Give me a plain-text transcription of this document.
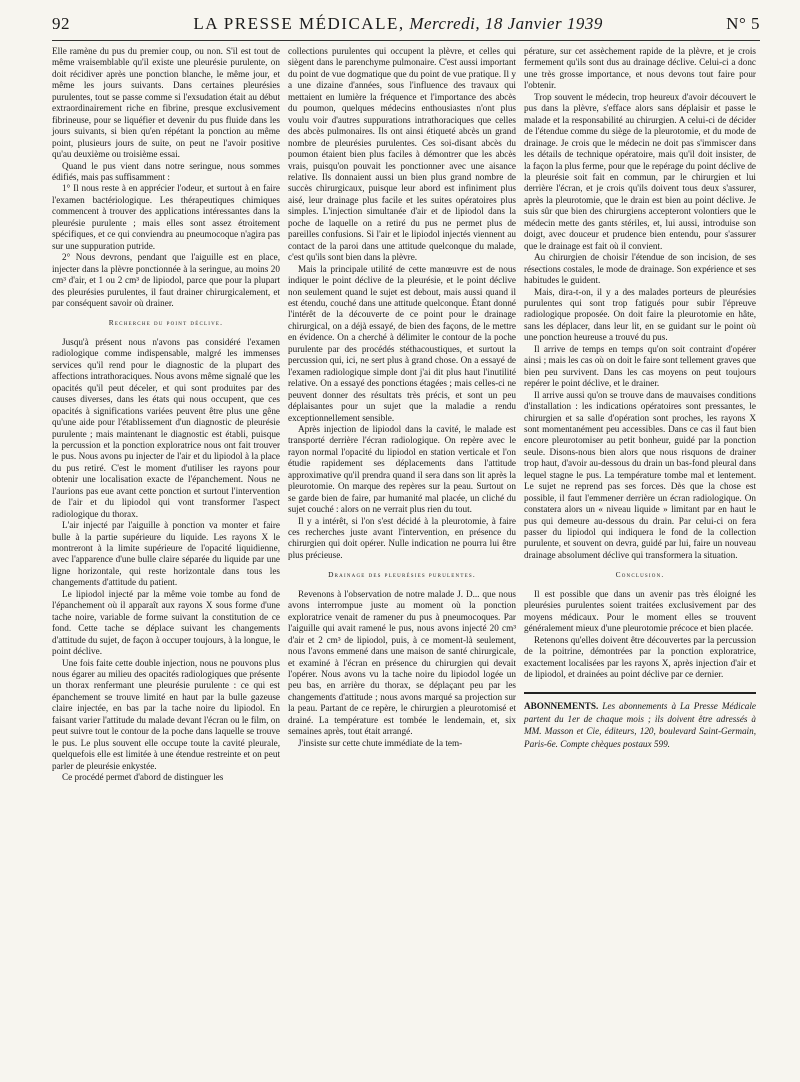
92	LA PRESSE MÉDICALE, Mercredi, 18 Janvier 1939	N° 5

Elle ramène du pus du premier coup, ou non. S'il est tout de même vraisemblable qu'il existe une pleurésie purulente, on doit récidiver après une ponction blanche, le même jour, et même les jours suivants. Dans certaines pleurésies purulentes, tout se passe comme si l'exsudation était au début extraordinairement riche en fibrine, presque exclusivement fibrineuse, pour se liquéfier et devenir du pus fluide dans les jours suivants, si bien qu'en répétant la ponction au même point, plusieurs jours de suite, on peut ne l'avoir positive qu'au deuxième ou troisième essai.

Quand le pus vient dans notre seringue, nous sommes édifiés, mais pas suffisamment :

1° Il nous reste à en apprécier l'odeur, et surtout à en faire l'examen bactériologique. Les thérapeutiques chimiques commencent à trouver des applications intéressantes dans la pleurésie purulente ; mais elles sont assez étroitement spécifiques, et ce qui conviendra au pneumocoque n'agira pas sur une suppuration putride.

2° Nous devrons, pendant que l'aiguille est en place, injecter dans la plèvre ponctionnée à la seringue, au moins 20 cm³ d'air, et 1 ou 2 cm³ de lipiodol, parce que pour la plupart des pleurésies purulentes, il faut drainer chirurgicalement, et par conséquent savoir où drainer.

Recherche du point déclive.

Jusqu'à présent nous n'avons pas considéré l'examen radiologique comme indispensable, malgré les immenses services qu'il rend pour le diagnostic de la plupart des affections intrathoraciques. Nous avons même signalé que les opacités qu'il peut déceler, et qui sont produites par des causes diverses, dans les états qui nous occupent, que ces opacités à significations variées peuvent être plus une gêne qu'une aide pour l'établissement d'un diagnostic de pleurésie purulente ; mais maintenant le diagnostic est établi, puisque la percussion et la ponction exploratrice nous ont fait trouver le pus. Nous avons pu injecter de l'air et du lipiodol à la place du pus retiré. C'est le moment d'utiliser les rayons pour obtenir une localisation exacte de l'épanchement. Nous ne l'aurions pas eue avant cette ponction et surtout l'intervention de l'air et du lipiodol qui vont transformer l'aspect radiologique du thorax.

L'air injecté par l'aiguille à ponction va monter et faire bulle à la partie supérieure du liquide. Les rayons X le montreront à la limite supérieure de l'opacité liquidienne, avec l'apparence d'une bulle claire séparée du liquide par une ligne horizontale, qui reste horizontale dans tous les changements d'attitude du patient.

Le lipiodol injecté par la même voie tombe au fond de l'épanchement où il apparaît aux rayons X sous forme d'une tache noire, variable de forme suivant la constitution de ce fond. Cette tache se déplace suivant les changements d'attitude du sujet, de façon à occuper toujours, à la longue, le point déclive.

Une fois faite cette double injection, nous ne pouvons plus nous égarer au milieu des opacités radiologiques que présente un thorax renfermant une pleurésie purulente : ce qui est épanchement se trouve limité en haut par la bulle gazeuse claire injectée, en bas par la tache noire du lipiodol. En faisant varier l'attitude du malade devant l'écran ou le film, on peut suivre tout le contour de la poche dans laquelle se trouve le pus. Le plus souvent elle occupe toute la cavité pleurale, quelquefois elle est limitée à une étendue restreinte et on peut parler de pleurésie enkystée.

Ce procédé permet d'abord de distinguer les

collections purulentes qui occupent la plèvre, et celles qui siègent dans le parenchyme pulmonaire. C'est aussi important du point de vue dogmatique que du point de vue pratique. Il y a une dizaine d'années, sous l'influence des travaux qui mettaient en lumière la fréquence et l'importance des abcès du poumon, quelques médecins enthousiastes n'ont plus voulu voir d'autres suppurations intrathoraciques que celles des abcès pulmonaires. Ils ont ainsi étiqueté abcès un grand nombre de pleurésies purulentes. Ces soi-disant abcès du poumon étaient bien plus faciles à démontrer que les abcès vrais, puisqu'on pouvait les ponctionner avec une aisance relative. Ils donnaient aussi un bien plus grand nombre de succès chirurgicaux, puisque leur abord est infiniment plus aisé, leur drainage plus facile et les suites opératoires plus simples. L'injection simultanée d'air et de lipiodol dans la poche de laquelle on a retiré du pus ne permet plus de pareilles confusions. Si l'air et le lipiodol injectés viennent au contact de la paroi dans une attitude quelconque du malade, c'est qu'ils sont bien dans la plèvre.

Mais la principale utilité de cette manœuvre est de nous indiquer le point déclive de la pleurésie, et le point déclive non seulement quand le sujet est debout, mais aussi quand il est étendu, couché dans une attitude quelconque. Étant donné l'intérêt de la découverte de ce point pour le drainage chirurgical, on a déjà essayé, de bien des façons, de le mettre en évidence. On a cherché à délimiter le contour de la poche purulente par des procédés stéthacoustiques, et surtout la percussion qui, ici, ne sert plus à grand chose. On a essayé de l'examen radiologique simple dont j'ai dit plus haut l'inutilité relative. On a essayé des ponctions étagées ; mais celles-ci ne peuvent donner des résultats très précis, et sont un peu déplaisantes pour un sujet que la maladie a rendu exceptionnellement sensible.

Après injection de lipiodol dans la cavité, le malade est transporté derrière l'écran radiologique. On repère avec le rayon normal l'opacité du lipiodol en station verticale et l'on étudie rapidement ses déplacements dans l'attitude approximative qu'il prendra quand il sera dans son lit après la pleurotomie. On marque des repères sur la peau. Surtout on se garde bien de faire, par humanité mal placée, un cliché du sujet couché : alors on ne verrait plus rien du tout.

Il y a intérêt, si l'on s'est décidé à la pleurotomie, à faire ces recherches juste avant l'intervention, en présence du chirurgien qui doit opérer. Nulle indication ne pourra lui être plus précieuse.

Drainage des pleurésies purulentes.

Revenons à l'observation de notre malade J. D... que nous avons interrompue juste au moment où la ponction exploratrice venait de ramener du pus à pneumocoques. Par l'aiguille qui avait ramené le pus, nous avons injecté 20 cm³ d'air et 2 cm³ de lipiodol, puis, à ce moment-là seulement, nous l'avons emmené dans une maison de santé chirurgicale, et examiné à l'écran en présence du chirurgien qui devait l'opérer. Nous avons vu la tache noire du lipiodol logée un peu bas, en arrière du thorax, se déplaçant peu par les changements d'attitude ; nous avons marqué sa projection sur la peau. Partant de ce repère, le chirurgien a pleurotomisé et drainé. La température est tombée le lendemain, et, six semaines après, tout était arrangé.

J'insiste sur cette chute immédiate de la tem-

pérature, sur cet assèchement rapide de la plèvre, et je crois fermement qu'ils sont dus au drainage déclive. Celui-ci a donc une très grosse importance, et nous devons tout faire pour l'obtenir.

Trop souvent le médecin, trop heureux d'avoir découvert le pus dans la plèvre, s'efface alors sans déplaisir et passe le malade et la responsabilité au chirurgien. A celui-ci de décider de l'étendue comme du siège de la pleurotomie, et du mode de drainage. Je crois que le médecin ne doit pas s'immiscer dans les détails de technique opératoire, mais qu'il doit insister, de la façon la plus ferme, pour que le repérage du point déclive de la pleurésie soit fait en commun, par le chirurgien et lui derrière l'écran, et je crois qu'ils doivent tous deux s'assurer, après la pleurotomie, que le drain est bien au point déclive. Je suis sûr que bien des chirurgiens accepteront volontiers que le médecin mette des gants stériles, et, lui aussi, introduise son doigt, avec douceur et prudence bien entendu, pour s'assurer que le drainage est fait où il convient.

Au chirurgien de choisir l'étendue de son incision, de ses résections costales, le mode de drainage. Son expérience et ses habitudes le guident.

Mais, dira-t-on, il y a des malades porteurs de pleurésies purulentes qui sont trop fatigués pour subir l'épreuve radiologique proposée. On doit faire la pleurotomie en hâte, sans les déplacer, dans leur lit, en se guidant sur le point où une ponction heureuse a trouvé du pus.

Il arrive de temps en temps qu'on soit contraint d'opérer ainsi ; mais les cas où on doit le faire sont tellement graves que bien peu survivent. Dans les cas moyens on peut toujours repérer le point déclive, et le drainer.

Il arrive aussi qu'on se trouve dans de mauvaises conditions d'installation : les indications opératoires sont pressantes, le chirurgien et sa salle d'opération sont proches, les rayons X sont momentanément peu accessibles. Dans ce cas il faut bien encore pleurotomiser au petit bonheur, guidé par la ponction seule. Disons-nous bien alors que nous risquons de drainer trop haut, d'avoir au-dessous du drain un bas-fond pleural dans lequel stagne le pus. La température tombe mal et lentement. Le sujet ne reprend pas ses forces. Dès que la chose est possible, il faut l'emmener derrière un écran radiologique. On constatera alors un « niveau liquide » limitant par en haut le pus qui demeure au-dessous du drain. Par celui-ci on fera passer du lipiodol qui indiquera le fond de la collection purulente, et souvent on devra, guidé par lui, faire un nouveau drainage absolument déclive qui transformera la situation.

Conclusion.

Il est possible que dans un avenir pas très éloigné les pleurésies purulentes soient traitées exclusivement par des moyens médicaux. Pour le moment elles se trouvent généralement mieux d'une pleurotomie précoce et bien placée.

Retenons qu'elles doivent être découvertes par la percussion de la poitrine, démontrées par la ponction exploratrice, exactement localisées par les rayons X, après injection d'air et de lipiodol, et drainées au point déclive par ce dernier.

ABONNEMENTS. Les abonnements à La Presse Médicale partent du 1er de chaque mois ; ils doivent être adressés à MM. Masson et Cie, éditeurs, 120, boulevard Saint-Germain, Paris-6e. Compte chèques postaux 599.
